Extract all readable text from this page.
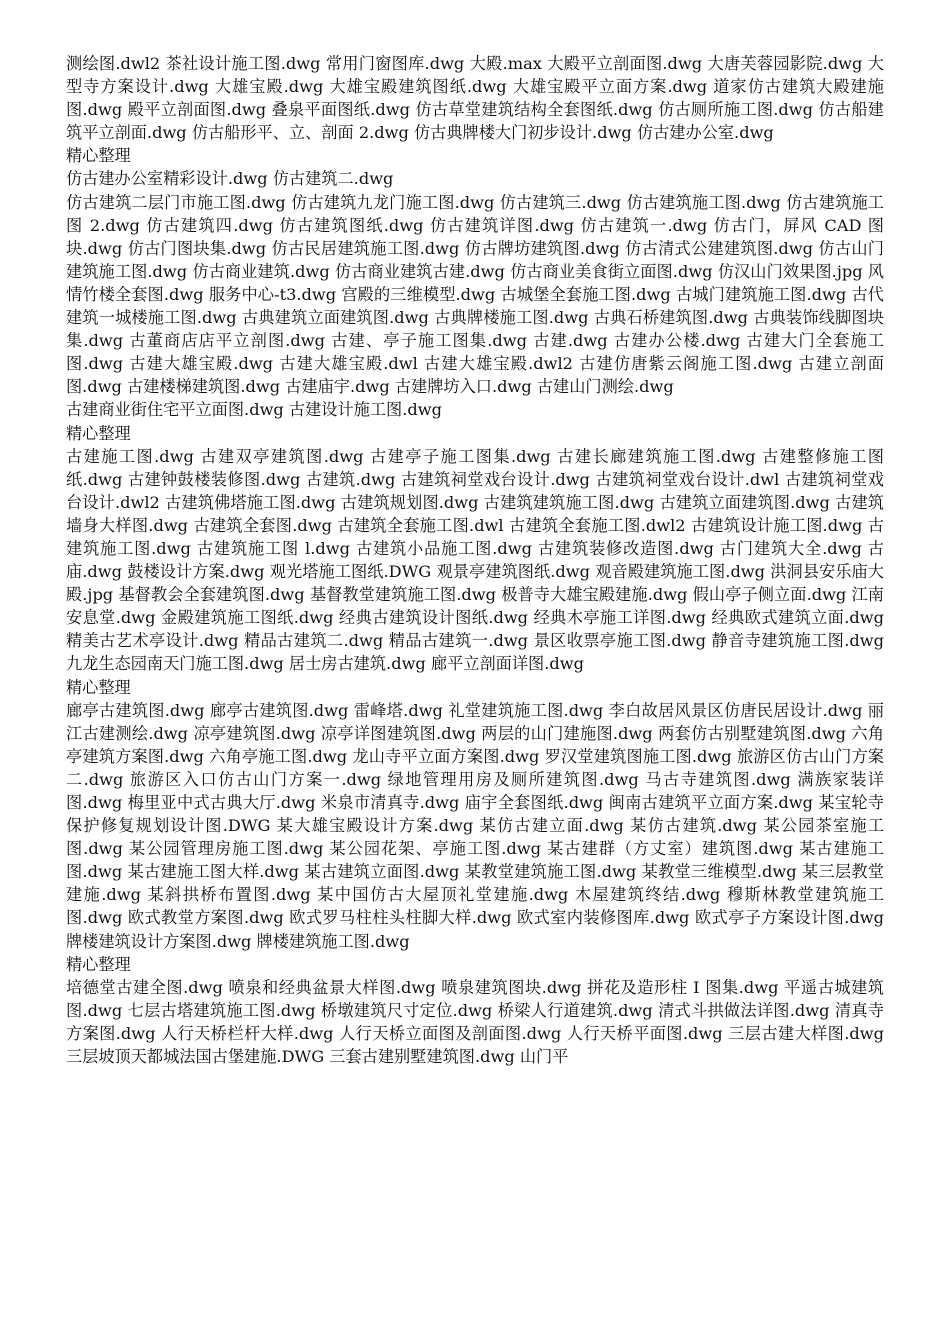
测绘图.dwl2 茶社设计施工图.dwg 常用门窗图库.dwg 大殿.max 大殿平立剖面图.dwg 大唐芙蓉园影院.dwg 大型寺方案设计.dwg 大雄宝殿.dwg 大雄宝殿建筑图纸.dwg 大雄宝殿平立面方案.dwg 道家仿古建筑大殿建施图.dwg 殿平立剖面图.dwg 叠泉平面图纸.dwg 仿古草堂建筑结构全套图纸.dwg 仿古厕所施工图.dwg 仿古船建筑平立剖面.dwg 仿古船形平、立、剖面 2.dwg 仿古典牌楼大门初步设计.dwg 仿古建办公室.dwg

精心整理

仿古建办公室精彩设计.dwg 仿古建筑二.dwg

仿古建筑二层门市施工图.dwg 仿古建筑九龙门施工图.dwg 仿古建筑三.dwg 仿古建筑施工图.dwg 仿古建筑施工图 2.dwg 仿古建筑四.dwg 仿古建筑图纸.dwg 仿古建筑详图.dwg 仿古建筑一.dwg 仿古门，屏风 CAD 图块.dwg 仿古门图块集.dwg 仿古民居建筑施工图.dwg 仿古牌坊建筑图.dwg 仿古清式公建建筑图.dwg 仿古山门建筑施工图.dwg 仿古商业建筑.dwg 仿古商业建筑古建.dwg 仿古商业美食街立面图.dwg 仿汉山门效果图.jpg 风情竹楼全套图.dwg 服务中心-t3.dwg 宫殿的三维模型.dwg 古城堡全套施工图.dwg 古城门建筑施工图.dwg 古代建筑一城楼施工图.dwg 古典建筑立面建筑图.dwg 古典牌楼施工图.dwg 古典石桥建筑图.dwg 古典装饰线脚图块集.dwg 古董商店店平立剖图.dwg 古建、亭子施工图集.dwg 古建.dwg 古建办公楼.dwg 古建大门全套施工图.dwg 古建大雄宝殿.dwg 古建大雄宝殿.dwl 古建大雄宝殿.dwl2 古建仿唐紫云阁施工图.dwg 古建立剖面图.dwg 古建楼梯建筑图.dwg 古建庙宇.dwg 古建牌坊入口.dwg 古建山门测绘.dwg

古建商业街住宅平立面图.dwg 古建设计施工图.dwg

精心整理

古建施工图.dwg 古建双亭建筑图.dwg 古建亭子施工图集.dwg 古建长廊建筑施工图.dwg 古建整修施工图纸.dwg 古建钟鼓楼装修图.dwg 古建筑.dwg 古建筑祠堂戏台设计.dwg 古建筑祠堂戏台设计.dwl 古建筑祠堂戏台设计.dwl2 古建筑佛塔施工图.dwg 古建筑规划图.dwg 古建筑建筑施工图.dwg 古建筑立面建筑图.dwg 古建筑墙身大样图.dwg 古建筑全套图.dwg 古建筑全套施工图.dwl 古建筑全套施工图.dwl2 古建筑设计施工图.dwg 古建筑施工图.dwg 古建筑施工图 l.dwg 古建筑小品施工图.dwg 古建筑装修改造图.dwg 古门建筑大全.dwg 古庙.dwg 鼓楼设计方案.dwg 观光塔施工图纸.DWG 观景亭建筑图纸.dwg 观音殿建筑施工图.dwg 洪洞县安乐庙大殿.jpg 基督教会全套建筑图.dwg 基督教堂建筑施工图.dwg 极普寺大雄宝殿建施.dwg 假山亭子侧立面.dwg 江南安息堂.dwg 金殿建筑施工图纸.dwg 经典古建筑设计图纸.dwg 经典木亭施工详图.dwg 经典欧式建筑立面.dwg 精美古艺术亭设计.dwg 精品古建筑二.dwg 精品古建筑一.dwg 景区收票亭施工图.dwg 静音寺建筑施工图.dwg 九龙生态园南天门施工图.dwg 居士房古建筑.dwg 廊平立剖面详图.dwg

精心整理

廊亭古建筑图.dwg 廊亭古建筑图.dwg 雷峰塔.dwg 礼堂建筑施工图.dwg 李白故居风景区仿唐民居设计.dwg 丽江古建测绘.dwg 凉亭建筑图.dwg 凉亭详图建筑图.dwg 两层的山门建施图.dwg 两套仿古别墅建筑图.dwg 六角亭建筑方案图.dwg 六角亭施工图.dwg 龙山寺平立面方案图.dwg 罗汉堂建筑图施工图.dwg 旅游区仿古山门方案二.dwg 旅游区入口仿古山门方案一.dwg 绿地管理用房及厕所建筑图.dwg 马古寺建筑图.dwg 满族家装详图.dwg 梅里亚中式古典大厅.dwg 米泉市清真寺.dwg 庙宇全套图纸.dwg 闽南古建筑平立面方案.dwg 某宝轮寺保护修复规划设计图.DWG 某大雄宝殿设计方案.dwg 某仿古建立面.dwg 某仿古建筑.dwg 某公园茶室施工图.dwg 某公园管理房施工图.dwg 某公园花架、亭施工图.dwg 某古建群（方丈室）建筑图.dwg 某古建施工图.dwg 某古建施工图大样.dwg 某古建筑立面图.dwg 某教堂建筑施工图.dwg 某教堂三维模型.dwg 某三层教堂建施.dwg 某斜拱桥布置图.dwg 某中国仿古大屋顶礼堂建施.dwg 木屋建筑终结.dwg 穆斯林教堂建筑施工图.dwg 欧式教堂方案图.dwg 欧式罗马柱柱头柱脚大样.dwg 欧式室内装修图库.dwg 欧式亭子方案设计图.dwg 牌楼建筑设计方案图.dwg 牌楼建筑施工图.dwg

精心整理

培德堂古建全图.dwg 喷泉和经典盆景大样图.dwg 喷泉建筑图块.dwg 拼花及造形柱 I 图集.dwg 平遥古城建筑图.dwg 七层古塔建筑施工图.dwg 桥墩建筑尺寸定位.dwg 桥梁人行道建筑.dwg 清式斗拱做法详图.dwg 清真寺方案图.dwg 人行天桥栏杆大样.dwg 人行天桥立面图及剖面图.dwg 人行天桥平面图.dwg 三层古建大样图.dwg 三层坡顶天都城法国古堡建施.DWG 三套古建别墅建筑图.dwg 山门平
